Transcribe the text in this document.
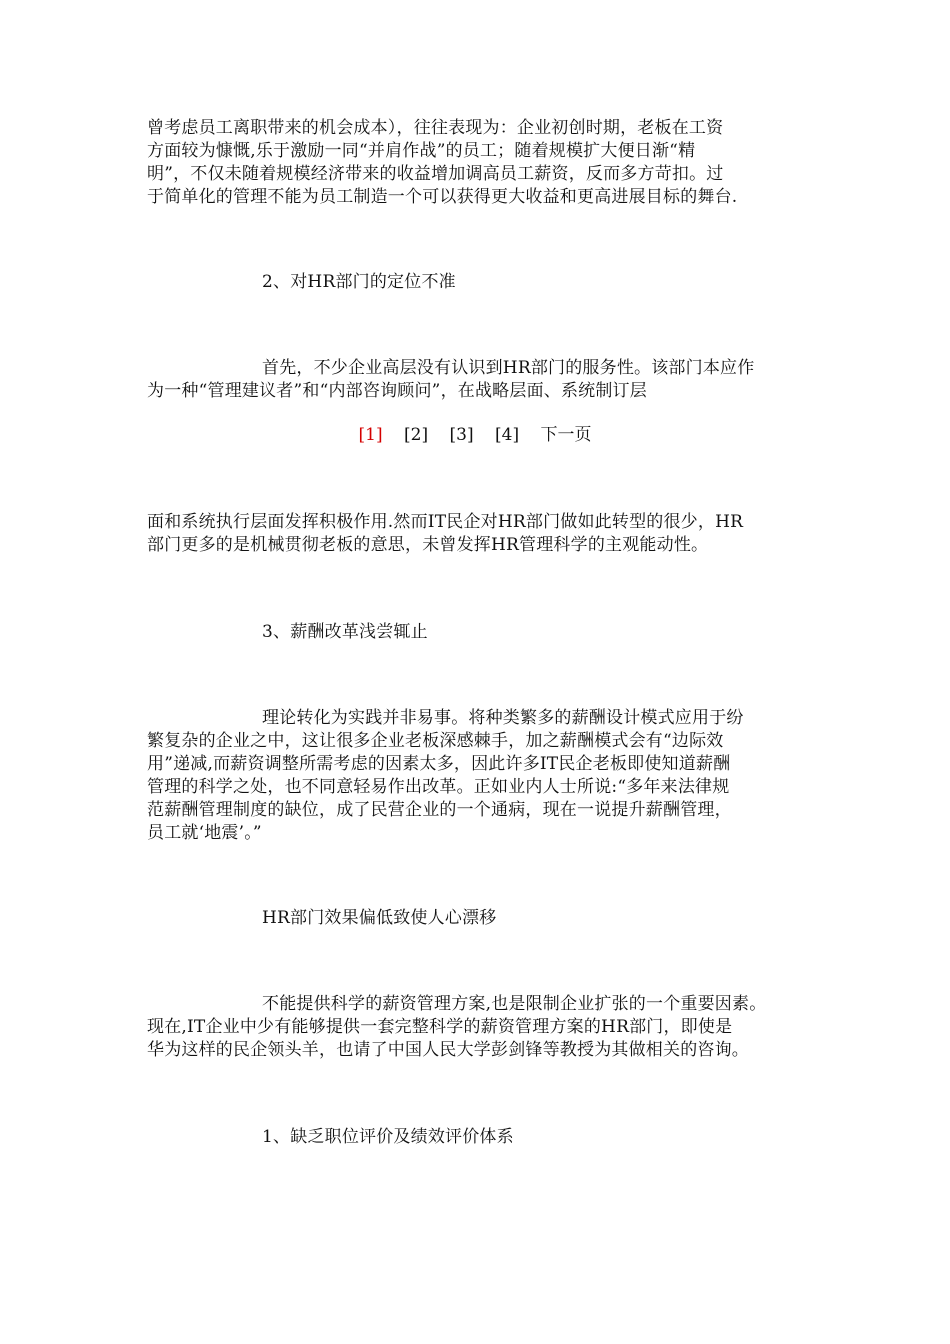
曾考虑员工离职带来的机会成本），往往表现为：企业初创时期，老板在工资
方面较为慷慨,乐于激励一同“并肩作战”的员工；随着规模扩大便日渐“精
明”，不仅未随着规模经济带来的收益增加调高员工薪资，反而多方苛扣。过
于简单化的管理不能为员工制造一个可以获得更大收益和更高进展目标的舞台.
2、对HR部门的定位不准
首先，不少企业高层没有认识到HR部门的服务性。该部门本应作
为一种“管理建议者”和“内部咨询顾问”，在战略层面、系统制订层
[1] [2] [3] [4] 下一页
面和系统执行层面发挥积极作用.然而IT民企对HR部门做如此转型的很少，HR
部门更多的是机械贯彻老板的意思，未曾发挥HR管理科学的主观能动性。
3、薪酬改革浅尝辄止
理论转化为实践并非易事。将种类繁多的薪酬设计模式应用于纷
繁复杂的企业之中，这让很多企业老板深感棘手，加之薪酬模式会有“边际效
用”递减,而薪资调整所需考虑的因素太多，因此许多IT民企老板即使知道薪酬
管理的科学之处，也不同意轻易作出改革。正如业内人士所说:“多年来法律规
范薪酬管理制度的缺位，成了民营企业的一个通病，现在一说提升薪酬管理，
员工就‘地震’。”
HR部门效果偏低致使人心漂移
不能提供科学的薪资管理方案,也是限制企业扩张的一个重要因素。
现在,IT企业中少有能够提供一套完整科学的薪资管理方案的HR部门，即使是
华为这样的民企领头羊，也请了中国人民大学彭剑锋等教授为其做相关的咨询。
1、缺乏职位评价及绩效评价体系
